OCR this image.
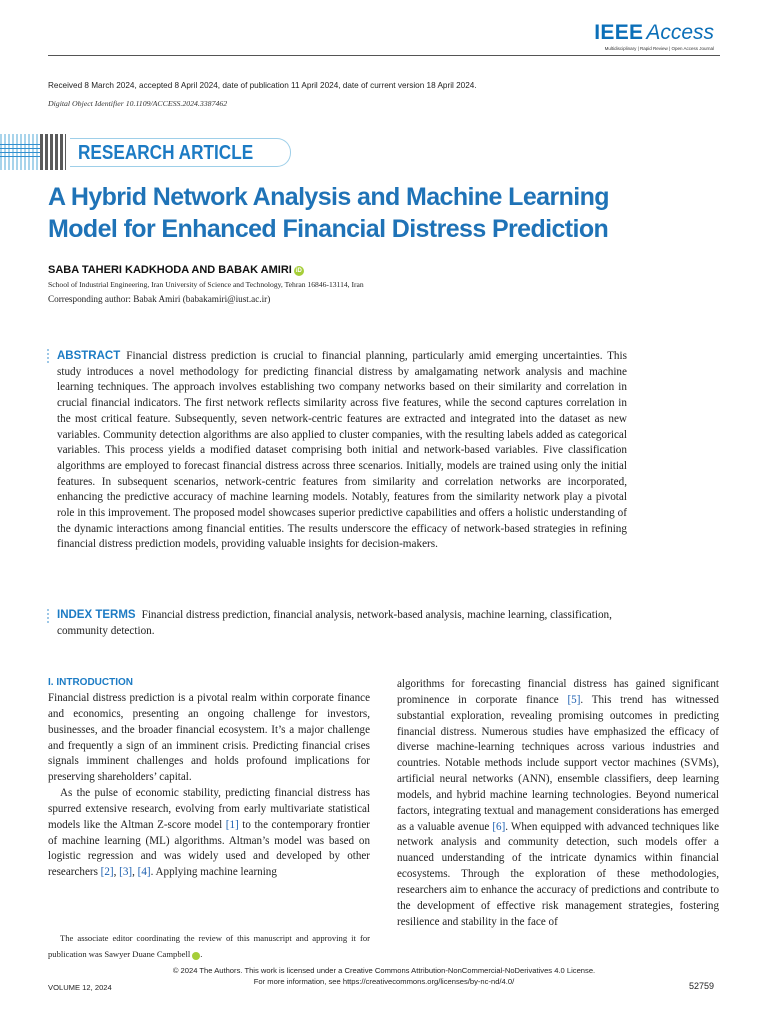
IEEE Access
Multidisciplinary | Rapid Review | Open Access Journal
Received 8 March 2024, accepted 8 April 2024, date of publication 11 April 2024, date of current version 18 April 2024.
Digital Object Identifier 10.1109/ACCESS.2024.3387462
RESEARCH ARTICLE
A Hybrid Network Analysis and Machine Learning
Model for Enhanced Financial Distress Prediction
SABA TAHERI KADKHODA AND BABAK AMIRI iD
School of Industrial Engineering, Iran University of Science and Technology, Tehran 16846-13114, Iran
Corresponding author: Babak Amiri (babakamiri@iust.ac.ir)
ABSTRACT Financial distress prediction is crucial to financial planning, particularly amid emerging uncertainties. This study introduces a novel methodology for predicting financial distress by amalgamating network analysis and machine learning techniques. The approach involves establishing two company networks based on their similarity and correlation in crucial financial indicators. The first network reflects similarity across five features, while the second captures correlation in the most critical feature. Subsequently, seven network-centric features are extracted and integrated into the dataset as new variables. Community detection algorithms are also applied to cluster companies, with the resulting labels added as categorical variables. This process yields a modified dataset comprising both initial and network-based variables. Five classification algorithms are employed to forecast financial distress across three scenarios. Initially, models are trained using only the initial features. In subsequent scenarios, network-centric features from similarity and correlation networks are incorporated, enhancing the predictive accuracy of machine learning models. Notably, features from the similarity network play a pivotal role in this improvement. The proposed model showcases superior predictive capabilities and offers a holistic understanding of the dynamic interactions among financial entities. The results underscore the efficacy of network-based strategies in refining financial distress prediction models, providing valuable insights for decision-makers.
INDEX TERMS Financial distress prediction, financial analysis, network-based analysis, machine learning, classification, community detection.
I. INTRODUCTION

Financial distress prediction is a pivotal realm within corporate finance and economics, presenting an ongoing challenge for investors, businesses, and the broader financial ecosystem. It’s a major challenge and frequently a sign of an imminent crisis. Predicting financial crises signals imminent challenges and holds profound implications for preserving shareholders’ capital.

As the pulse of economic stability, predicting financial distress has spurred extensive research, evolving from early multivariate statistical models like the Altman Z-score model [1] to the contemporary frontier of machine learning (ML) algorithms. Altman’s model was based on logistic regression and was widely used and developed by other researchers [2], [3], [4]. Applying machine learning

algorithms for forecasting financial distress has gained significant prominence in corporate finance [5]. This trend has witnessed substantial exploration, revealing promising outcomes in predicting financial distress. Numerous studies have emphasized the efficacy of diverse machine-learning techniques across various industries and countries. Notable methods include support vector machines (SVMs), artificial neural networks (ANN), ensemble classifiers, deep learning models, and hybrid machine learning technologies. Beyond numerical factors, integrating textual and management considerations has emerged as a valuable avenue [6]. When equipped with advanced techniques like network analysis and community detection, such models offer a nuanced understanding of the intricate dynamics within financial ecosystems. Through the exploration of these methodologies, researchers aim to enhance the accuracy of predictions and contribute to the development of effective risk management strategies, fostering resilience and stability in the face of

The associate editor coordinating the review of this manuscript and approving it for publication was Sawyer Duane Campbell	iD.

© 2024 The Authors. This work is licensed under a Creative Commons Attribution-NonCommercial-NoDerivatives 4.0 License.
For more information, see https://creativecommons.org/licenses/by-nc-nd/4.0/
VOLUME 12, 2024	52759
